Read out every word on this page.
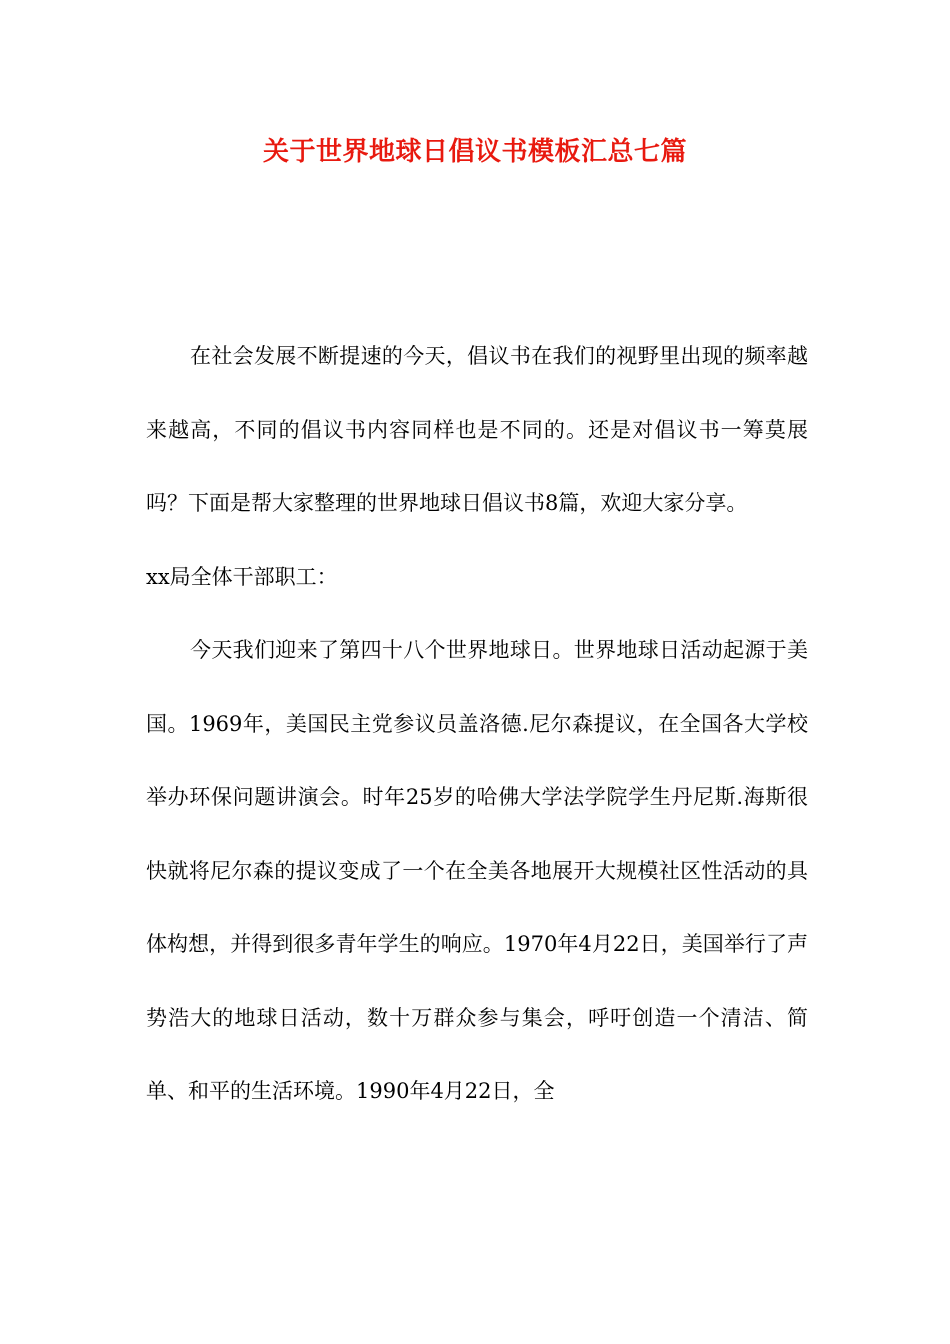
关于世界地球日倡议书模板汇总七篇

在社会发展不断提速的今天，倡议书在我们的视野里出现的频率越来越高，不同的倡议书内容同样也是不同的。还是对倡议书一筹莫展吗？下面是帮大家整理的世界地球日倡议书8篇，欢迎大家分享。

xx局全体干部职工：

今天我们迎来了第四十八个世界地球日。世界地球日活动起源于美国。1969年，美国民主党参议员盖洛德.尼尔森提议，在全国各大学校举办环保问题讲演会。时年25岁的哈佛大学法学院学生丹尼斯.海斯很快就将尼尔森的提议变成了一个在全美各地展开大规模社区性活动的具体构想，并得到很多青年学生的响应。1970年4月22日，美国举行了声势浩大的地球日活动，数十万群众参与集会，呼吁创造一个清洁、简单、和平的生活环境。1990年4月22日，全
